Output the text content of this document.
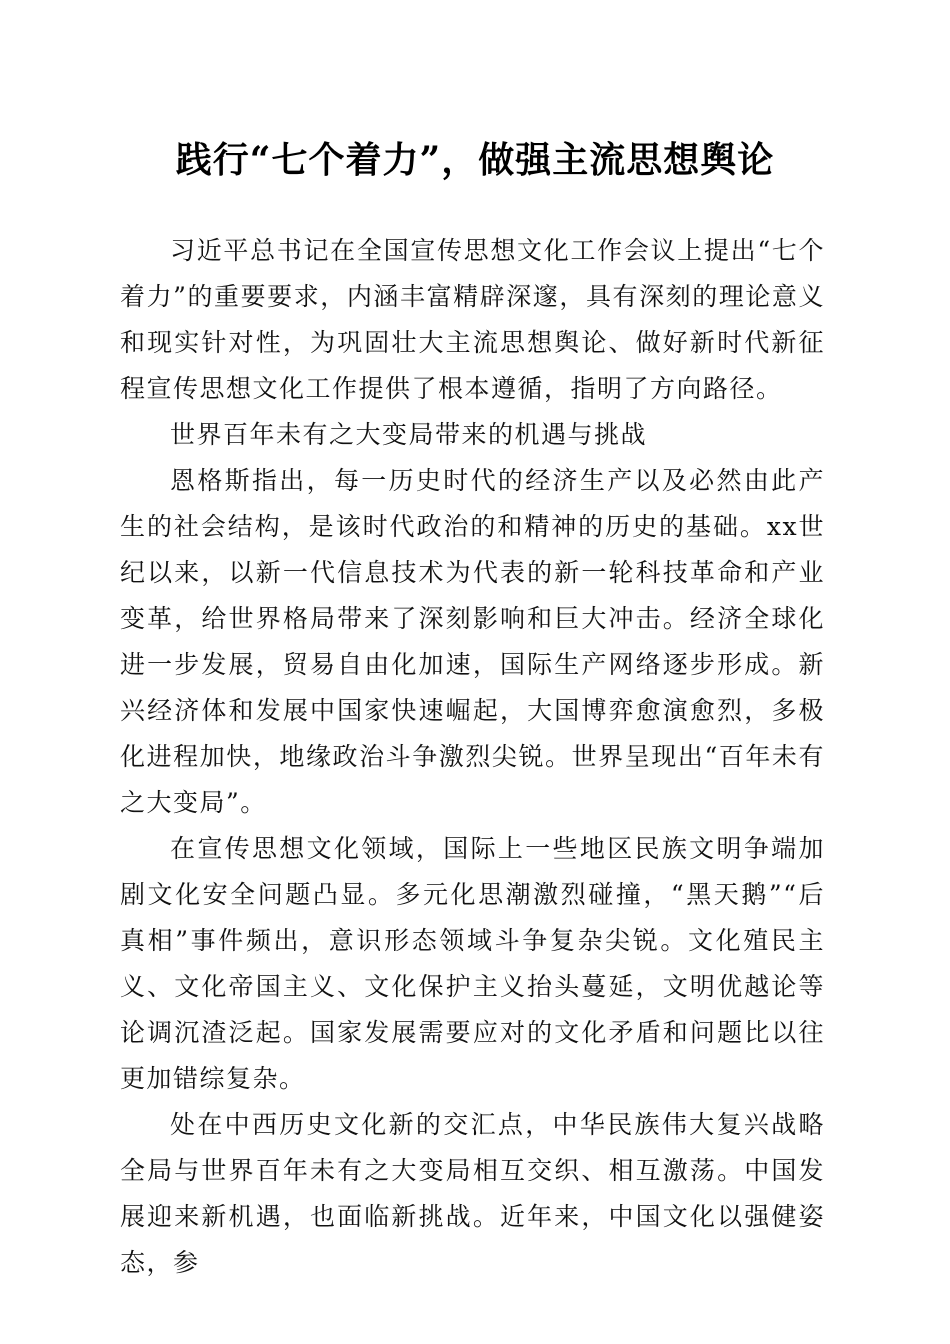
践行“七个着力”，做强主流思想舆论

习近平总书记在全国宣传思想文化工作会议上提出“七个着力”的重要要求，内涵丰富精辟深邃，具有深刻的理论意义和现实针对性，为巩固壮大主流思想舆论、做好新时代新征程宣传思想文化工作提供了根本遵循，指明了方向路径。

世界百年未有之大变局带来的机遇与挑战

恩格斯指出，每一历史时代的经济生产以及必然由此产生的社会结构，是该时代政治的和精神的历史的基础。xx世纪以来，以新一代信息技术为代表的新一轮科技革命和产业变革，给世界格局带来了深刻影响和巨大冲击。经济全球化进一步发展，贸易自由化加速，国际生产网络逐步形成。新兴经济体和发展中国家快速崛起，大国博弈愈演愈烈，多极化进程加快，地缘政治斗争激烈尖锐。世界呈现出“百年未有之大变局”。

在宣传思想文化领域，国际上一些地区民族文明争端加剧文化安全问题凸显。多元化思潮激烈碰撞，“黑天鹅”“后真相”事件频出，意识形态领域斗争复杂尖锐。文化殖民主义、文化帝国主义、文化保护主义抬头蔓延，文明优越论等论调沉渣泛起。国家发展需要应对的文化矛盾和问题比以往更加错综复杂。

处在中西历史文化新的交汇点，中华民族伟大复兴战略全局与世界百年未有之大变局相互交织、相互激荡。中国发展迎来新机遇，也面临新挑战。近年来，中国文化以强健姿态，参
